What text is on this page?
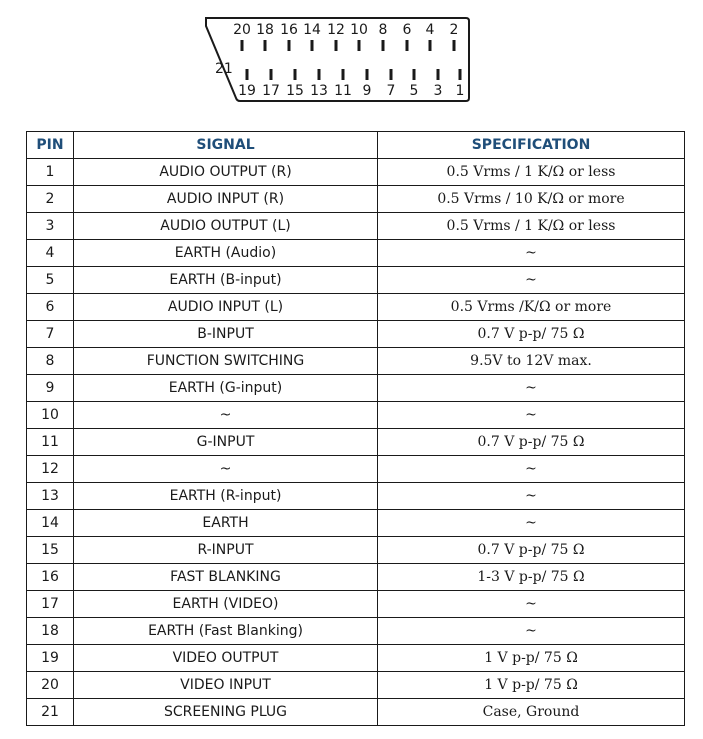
20 18 16 14 12 10 8 6 4 2
19 17 15 13 11 9 7 5 3 1
21
PIN	SIGNAL	SPECIFICATION
1	AUDIO OUTPUT (R)	0.5 Vrms / 1 K/Ω or less
2	AUDIO INPUT (R)	0.5 Vrms / 10 K/Ω or more
3	AUDIO OUTPUT (L)	0.5 Vrms / 1 K/Ω or less
4	EARTH (Audio)	~
5	EARTH (B-input)	~
6	AUDIO INPUT (L)	0.5 Vrms /K/Ω or more
7	B-INPUT	0.7 V p-p/ 75 Ω
8	FUNCTION SWITCHING	9.5V to 12V max.
9	EARTH (G-input)	~
10	~	~
11	G-INPUT	0.7 V p-p/ 75 Ω
12	~	~
13	EARTH (R-input)	~
14	EARTH	~
15	R-INPUT	0.7 V p-p/ 75 Ω
16	FAST BLANKING	1-3 V p-p/ 75 Ω
17	EARTH (VIDEO)	~
18	EARTH (Fast Blanking)	~
19	VIDEO OUTPUT	1 V p-p/ 75 Ω
20	VIDEO INPUT	1 V p-p/ 75 Ω
21	SCREENING PLUG	Case, Ground
